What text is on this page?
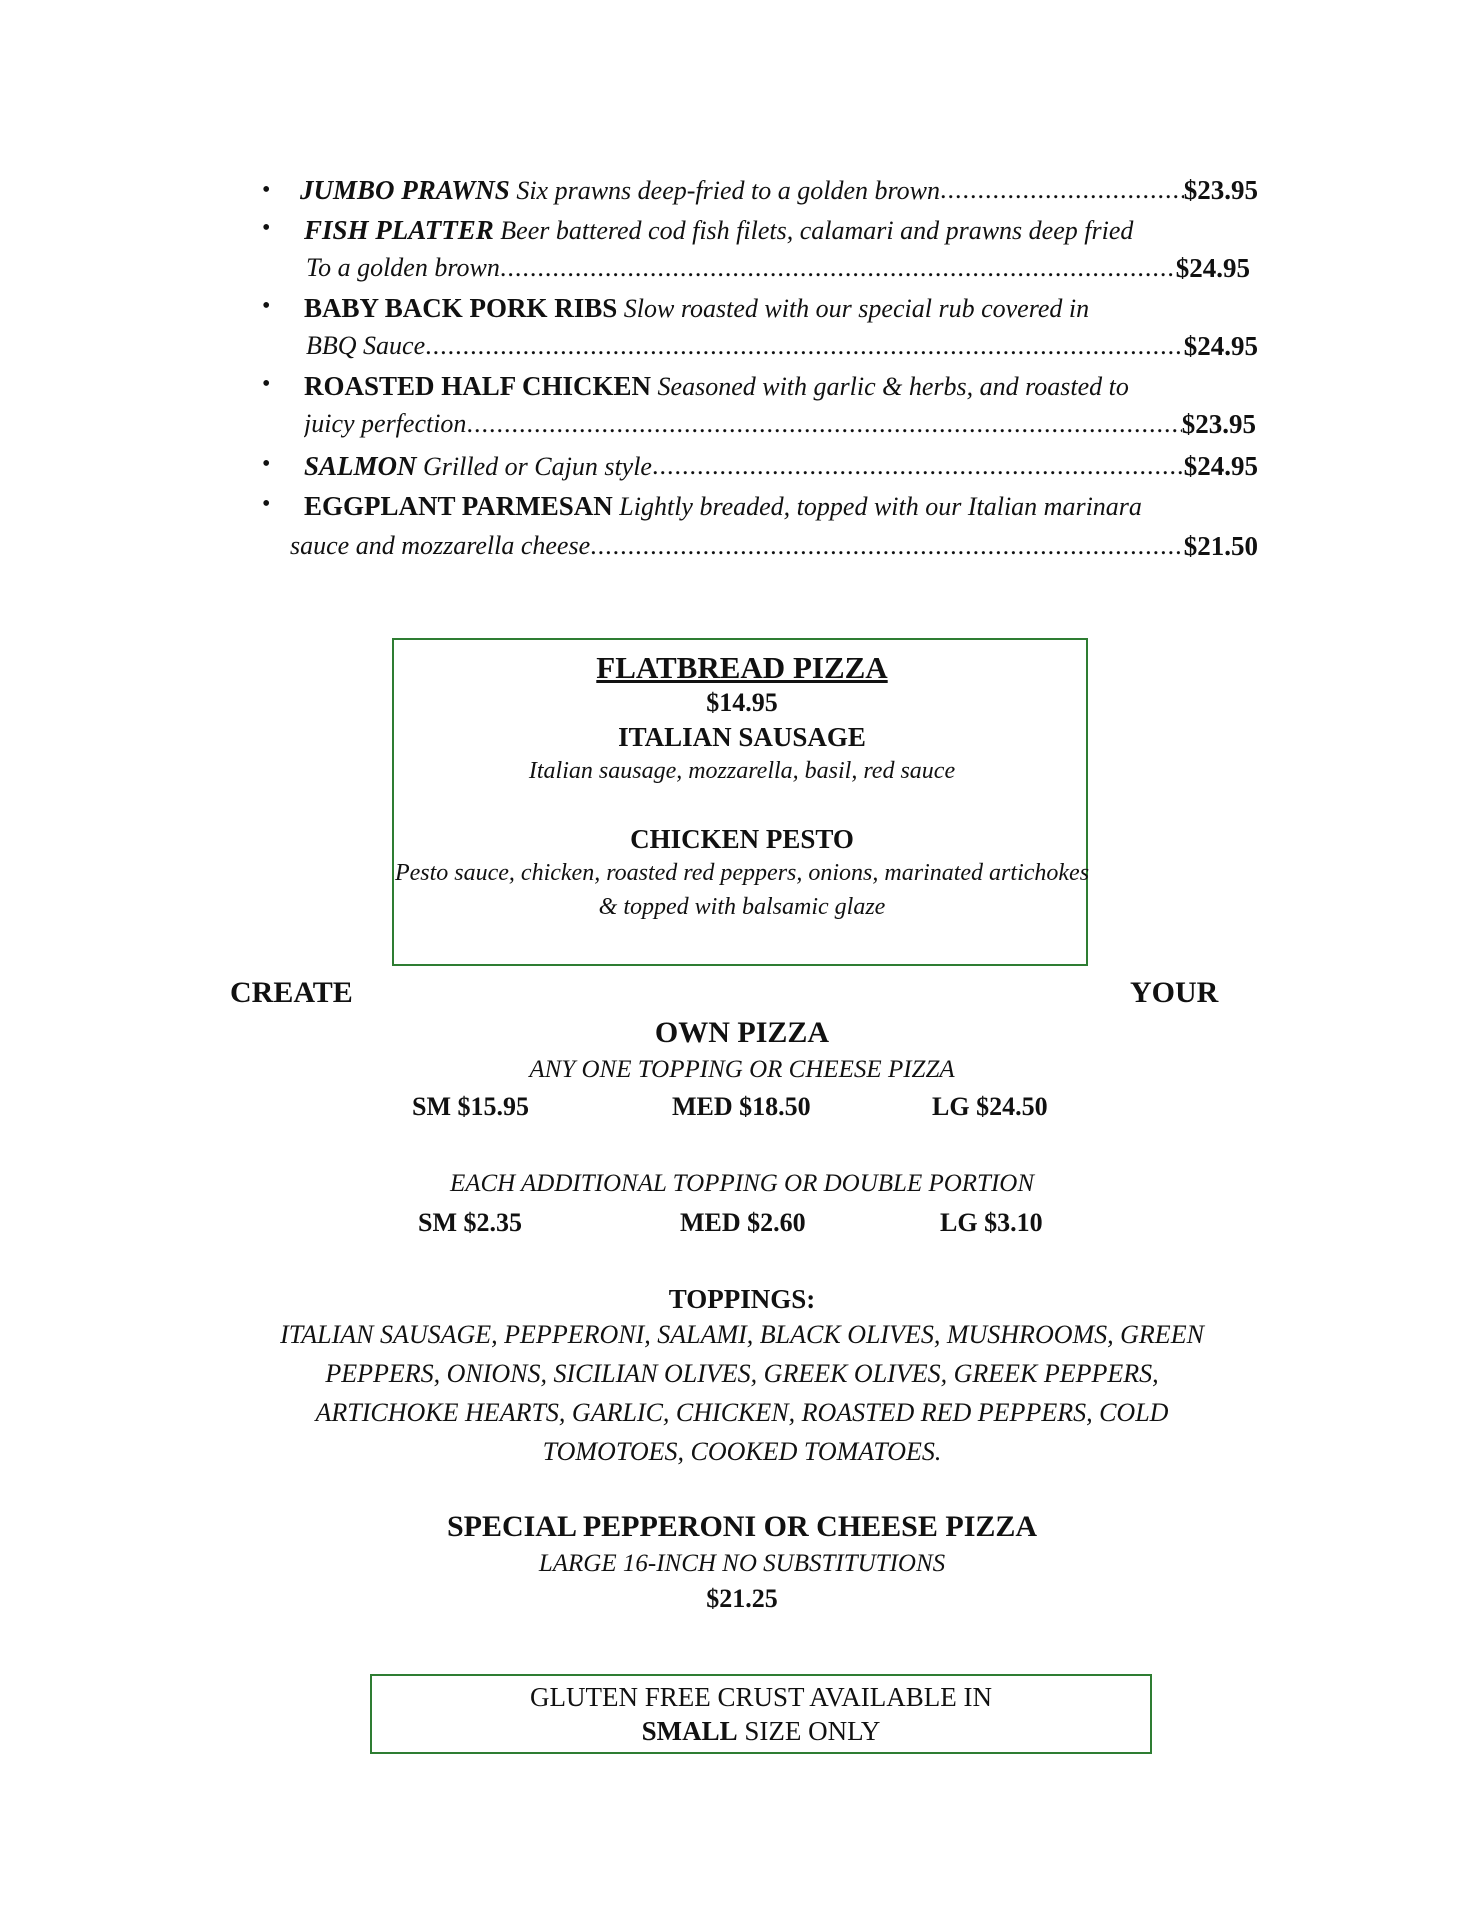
• JUMBO PRAWNS Six prawns deep-fried to a golden brown .....	$23.95
• FISH PLATTER Beer battered cod fish filets, calamari and prawns deep fried
To a golden brown .....	$24.95
• BABY BACK PORK RIBS Slow roasted with our special rub covered in
BBQ Sauce .....	$24.95
• ROASTED HALF CHICKEN Seasoned with garlic & herbs, and roasted to
juicy perfection .....	$23.95
• SALMON Grilled or Cajun style .....	$24.95
• EGGPLANT PARMESAN Lightly breaded, topped with our Italian marinara
sauce and mozzarella cheese .....	$21.50
FLATBREAD PIZZA
$14.95
ITALIAN SAUSAGE
Italian sausage, mozzarella, basil, red sauce
CHICKEN PESTO
Pesto sauce, chicken, roasted red peppers, onions, marinated artichokes
& topped with balsamic glaze
CREATE	YOUR
OWN PIZZA
ANY ONE TOPPING OR CHEESE PIZZA
SM $15.95	MED $18.50	LG $24.50
EACH ADDITIONAL TOPPING OR DOUBLE PORTION
SM $2.35	MED $2.60	LG $3.10
TOPPINGS:
ITALIAN SAUSAGE, PEPPERONI, SALAMI, BLACK OLIVES, MUSHROOMS, GREEN
PEPPERS, ONIONS, SICILIAN OLIVES, GREEK OLIVES, GREEK PEPPERS,
ARTICHOKE HEARTS, GARLIC, CHICKEN, ROASTED RED PEPPERS, COLD
TOMOTOES, COOKED TOMATOES.
SPECIAL PEPPERONI OR CHEESE PIZZA
LARGE 16-INCH NO SUBSTITUTIONS
$21.25
GLUTEN FREE CRUST AVAILABLE IN
SMALL SIZE ONLY
